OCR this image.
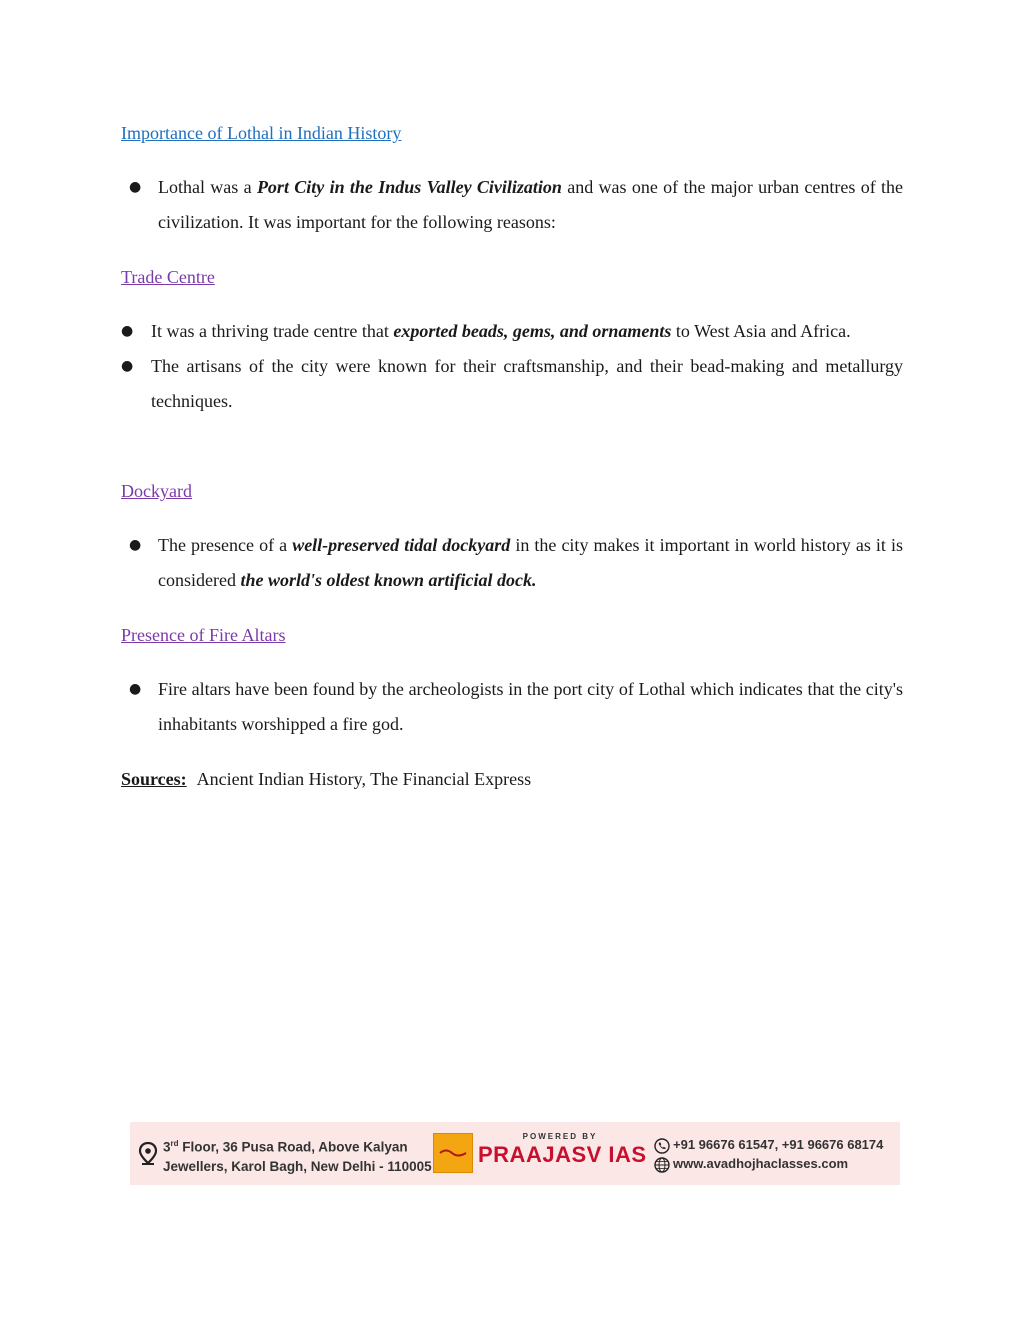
Importance of Lothal in Indian History
● Lothal was a Port City in the Indus Valley Civilization and was one of the major urban centres of the civilization. It was important for the following reasons:
Trade Centre
● It was a thriving trade centre that exported beads, gems, and ornaments to West Asia and Africa.
● The artisans of the city were known for their craftsmanship, and their bead-making and metallurgy techniques.
Dockyard
● The presence of a well-preserved tidal dockyard in the city makes it important in world history as it is considered the world's oldest known artificial dock.
Presence of Fire Altars
● Fire altars have been found by the archeologists in the port city of Lothal which indicates that the city's inhabitants worshipped a fire god.

Sources: Ancient Indian History, The Financial Express

3rd Floor, 36 Pusa Road, Above Kalyan
Jewellers, Karol Bagh, New Delhi - 110005
POWERED BY
PRAAJASV IAS +91 96676 61547, +91 96676 68174
www.avadhojhaclasses.com
